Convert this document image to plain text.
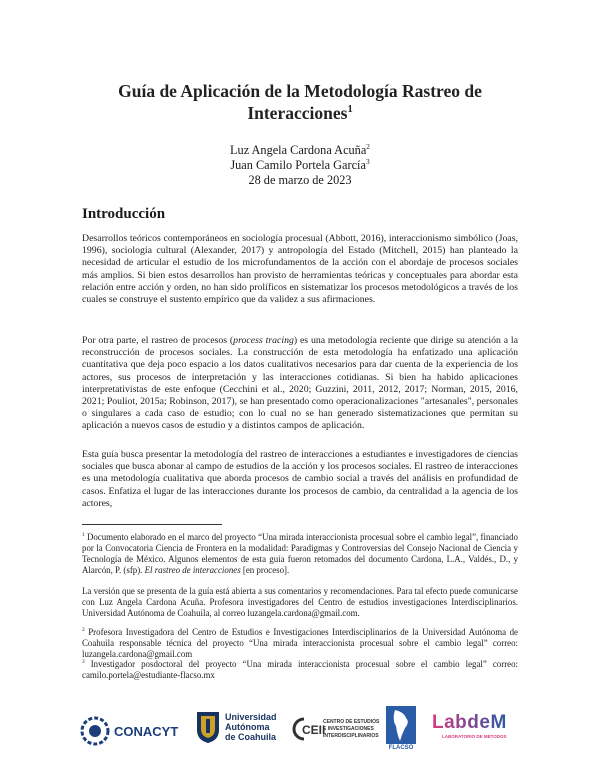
Guía de Aplicación de la Metodología Rastreo de Interacciones$^1$
Luz Angela Cardona Acuña$^2$
Juan Camilo Portela García$^3$
28 de marzo de 2023
Introducción
Desarrollos teóricos contemporáneos en sociología procesual (Abbott, 2016), interaccionismo simbólico (Joas, 1996), sociología cultural (Alexander, 2017) y antropología del Estado (Mitchell, 2015) han planteado la necesidad de articular el estudio de los microfundamentos de la acción con el abordaje de procesos sociales más amplios. Si bien estos desarrollos han provisto de herramientas teóricas y conceptuales para abordar esta relación entre acción y orden, no han sido prolíficos en sistematizar los procesos metodológicos a través de los cuales se construye el sustento empírico que da validez a sus afirmaciones.
Por otra parte, el rastreo de procesos (process tracing) es una metodología reciente que dirige su atención a la reconstrucción de procesos sociales. La construcción de esta metodología ha enfatizado una aplicación cuantitativa que deja poco espacio a los datos cualitativos necesarios para dar cuenta de la experiencia de los actores, sus procesos de interpretación y las interacciones cotidianas. Si bien ha habido aplicaciones interpretativistas de este enfoque (Cecchini et al., 2020; Guzzini, 2011, 2012, 2017; Norman, 2015, 2016, 2021; Pouliot, 2015a; Robinson, 2017), se han presentado como operacionalizaciones "artesanales", personales o singulares a cada caso de estudio; con lo cual no se han generado sistematizaciones que permitan su aplicación a nuevos casos de estudio y a distintos campos de aplicación.
Esta guía busca presentar la metodología del rastreo de interacciones a estudiantes e investigadores de ciencias sociales que busca abonar al campo de estudios de la acción y los procesos sociales. El rastreo de interacciones es una metodología cualitativa que aborda procesos de cambio social a través del análisis en profundidad de casos. Enfatiza el lugar de las interacciones durante los procesos de cambio, da centralidad a la agencia de los actores,
$^1$ Documento elaborado en el marco del proyecto “Una mirada interaccionista procesual sobre el cambio legal”, financiado por la Convocatoria Ciencia de Frontera en la modalidad: Paradigmas y Controversias del Consejo Nacional de Ciencia y Tecnología de México. Algunos elementos de esta guía fueron retomados del documento Cardona, L.A., Valdés., D., y Alarcón, P. (sfp). El rastreo de interacciones [en proceso].
La versión que se presenta de la guía está abierta a sus comentarios y recomendaciones. Para tal efecto puede comunicarse con Luz Angela Cardona Acuña. Profesora investigadores del Centro de estudios investigaciones Interdisciplinarios. Universidad Autónoma de Coahuila, al correo luzangela.cardona@gmail.com.
$^2$ Profesora Investigadora del Centro de Estudios e Investigaciones Interdisciplinarios de la Universidad Autónoma de Coahuila responsable técnica del proyecto “Una mirada interaccionista procesual sobre el cambio legal” correo: luzangela.cardona@gmail.com
$^3$ Investigador posdoctoral del proyecto “Una mirada interaccionista procesual sobre el cambio legal” correo: camilo.portela@estudiante-flacso.mx
CONACYT
Universidad
Autónoma
de Coahuila CEII
CENTRO DE ESTUDIOS
E INVESTIGACIONES
INTERDISCIPLINARIOS
FLACSO
LabdeM
LABORATORIO DE MÉTODOS
